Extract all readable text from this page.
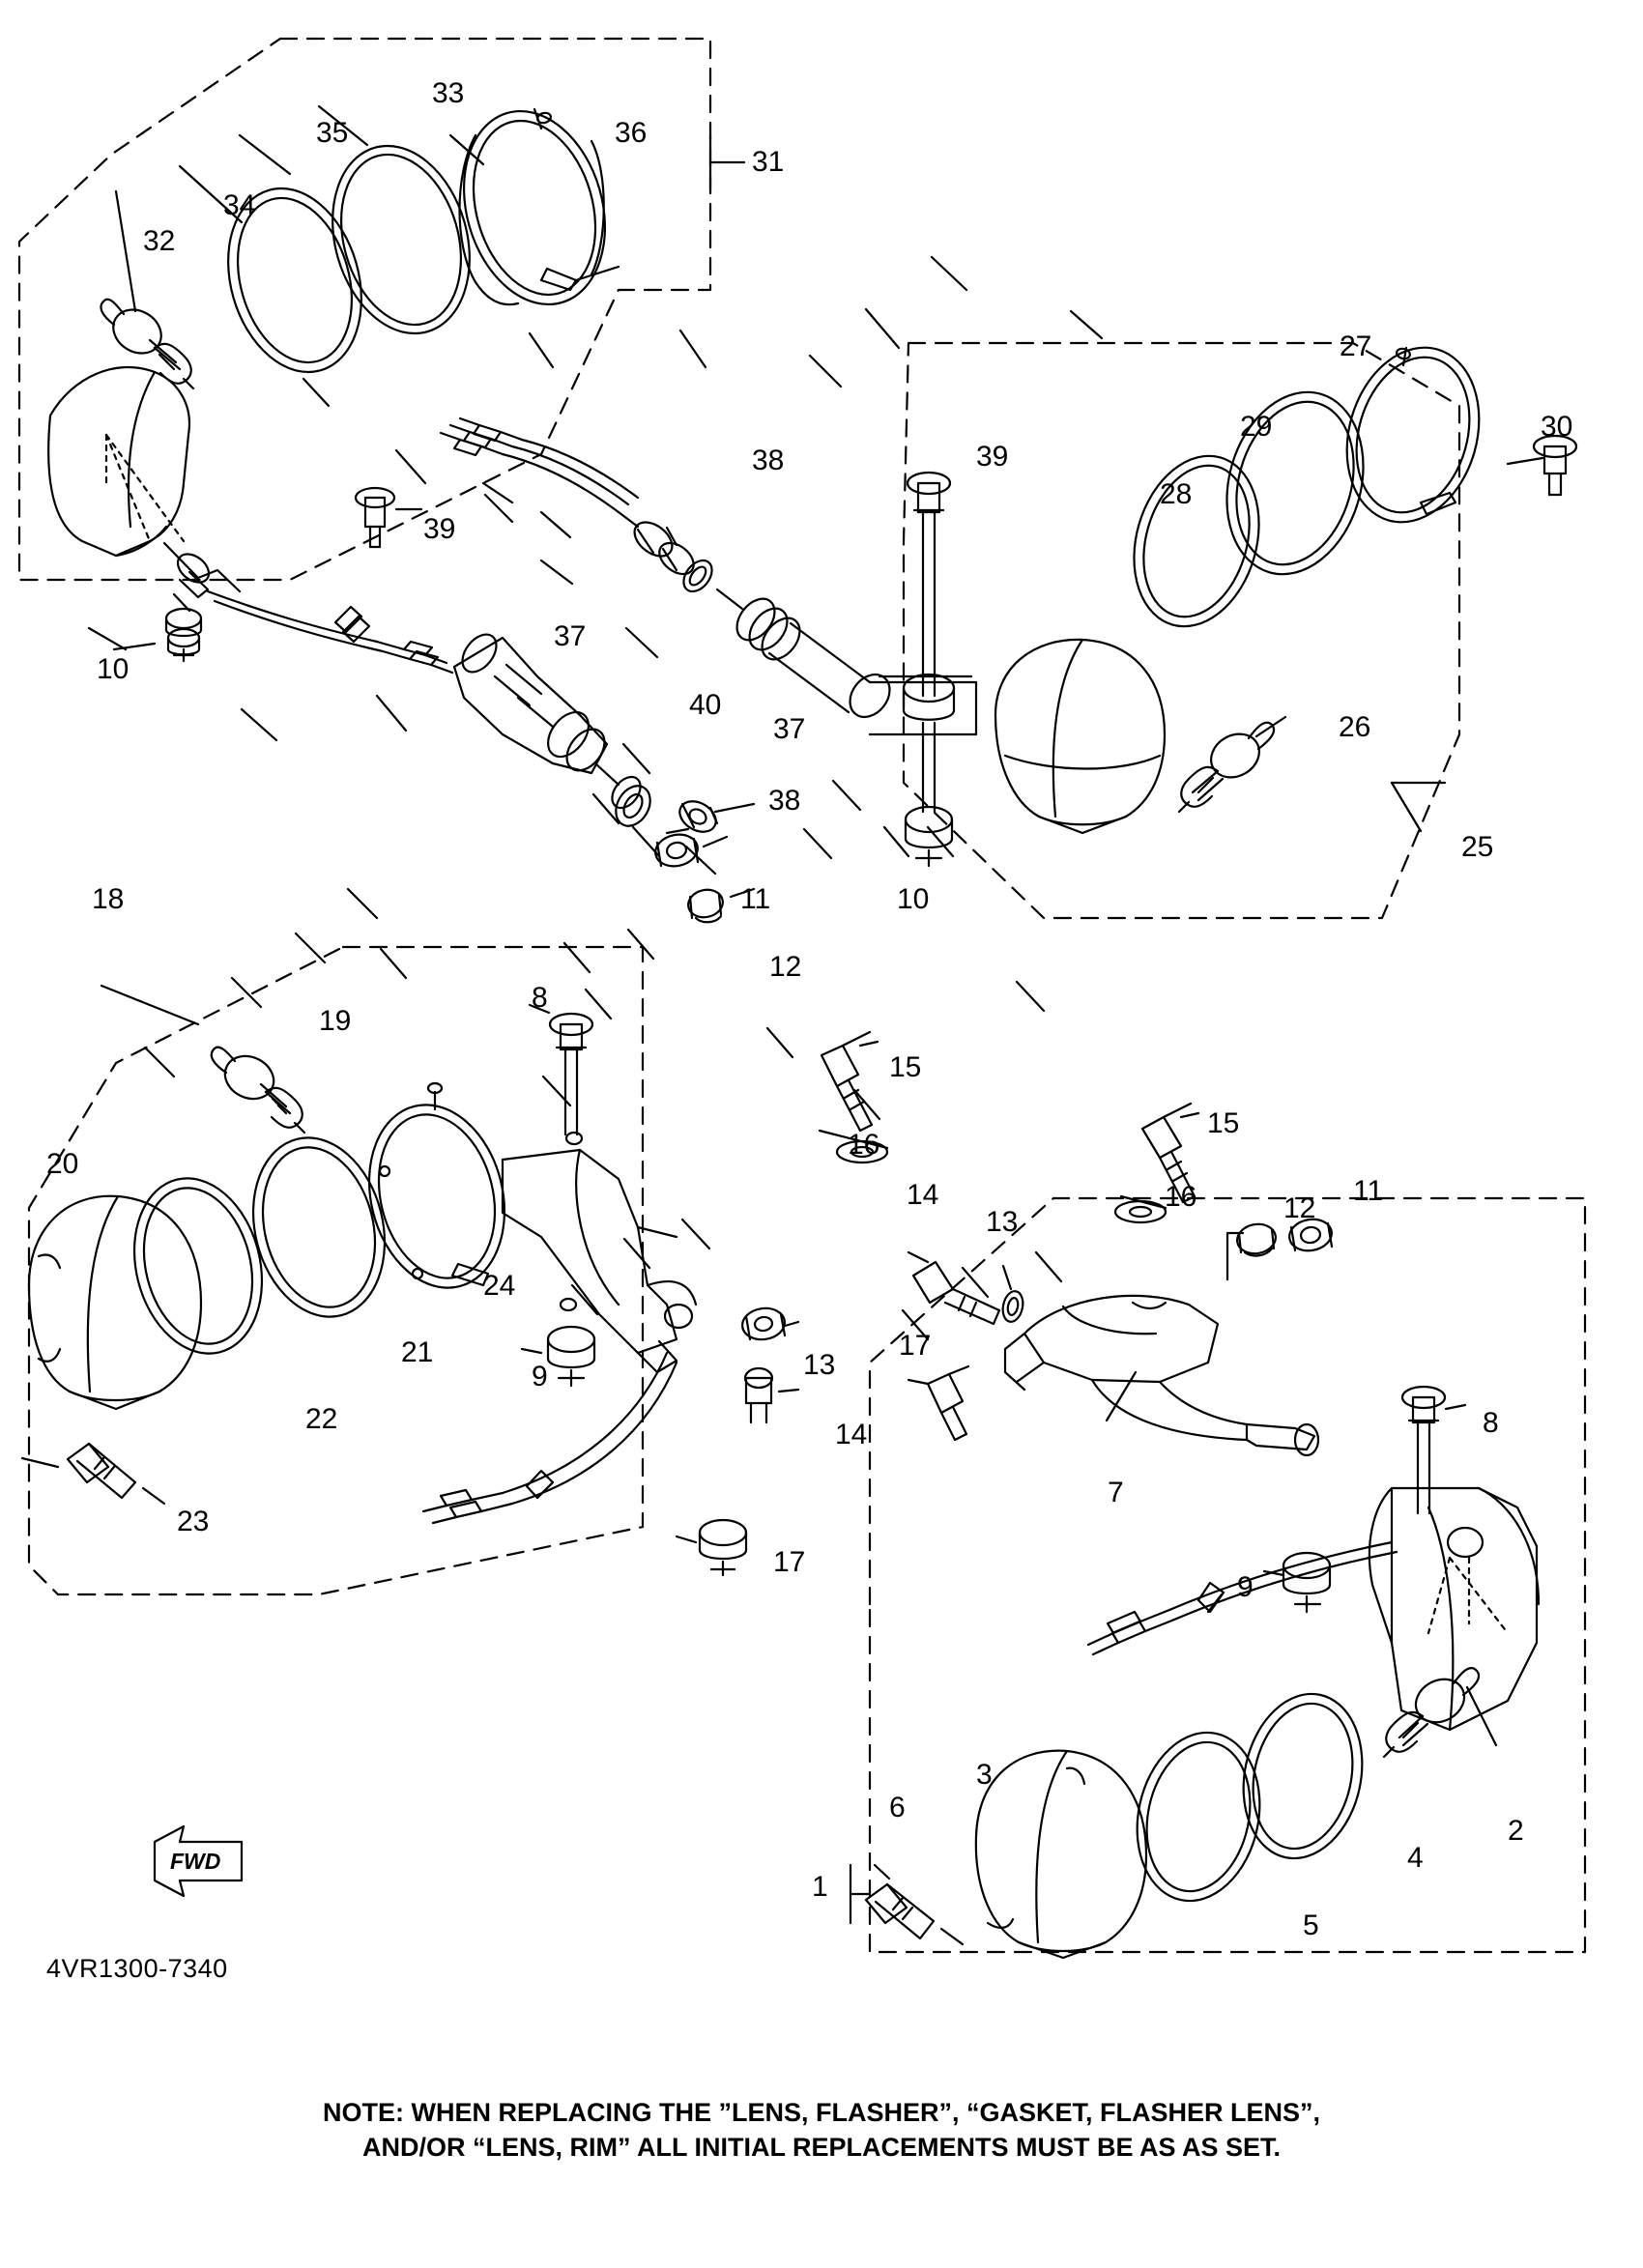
33
35	36
31
34
32
27
30
29
38	39
28
39
37
10
40
37	26
38
25
10
18	11
12
19
8
15
15
20
16
16	12
11
14
13
24
21	17
9	13
22	14	8
7
23
9
17
2
3
6
4
1
5
FWD
4VR1300-7340
NOTE: WHEN REPLACING THE ”LENS, FLASHER”, “GASKET, FLASHER LENS”,
AND/OR “LENS, RIM” ALL INITIAL REPLACEMENTS MUST BE AS AS SET.
